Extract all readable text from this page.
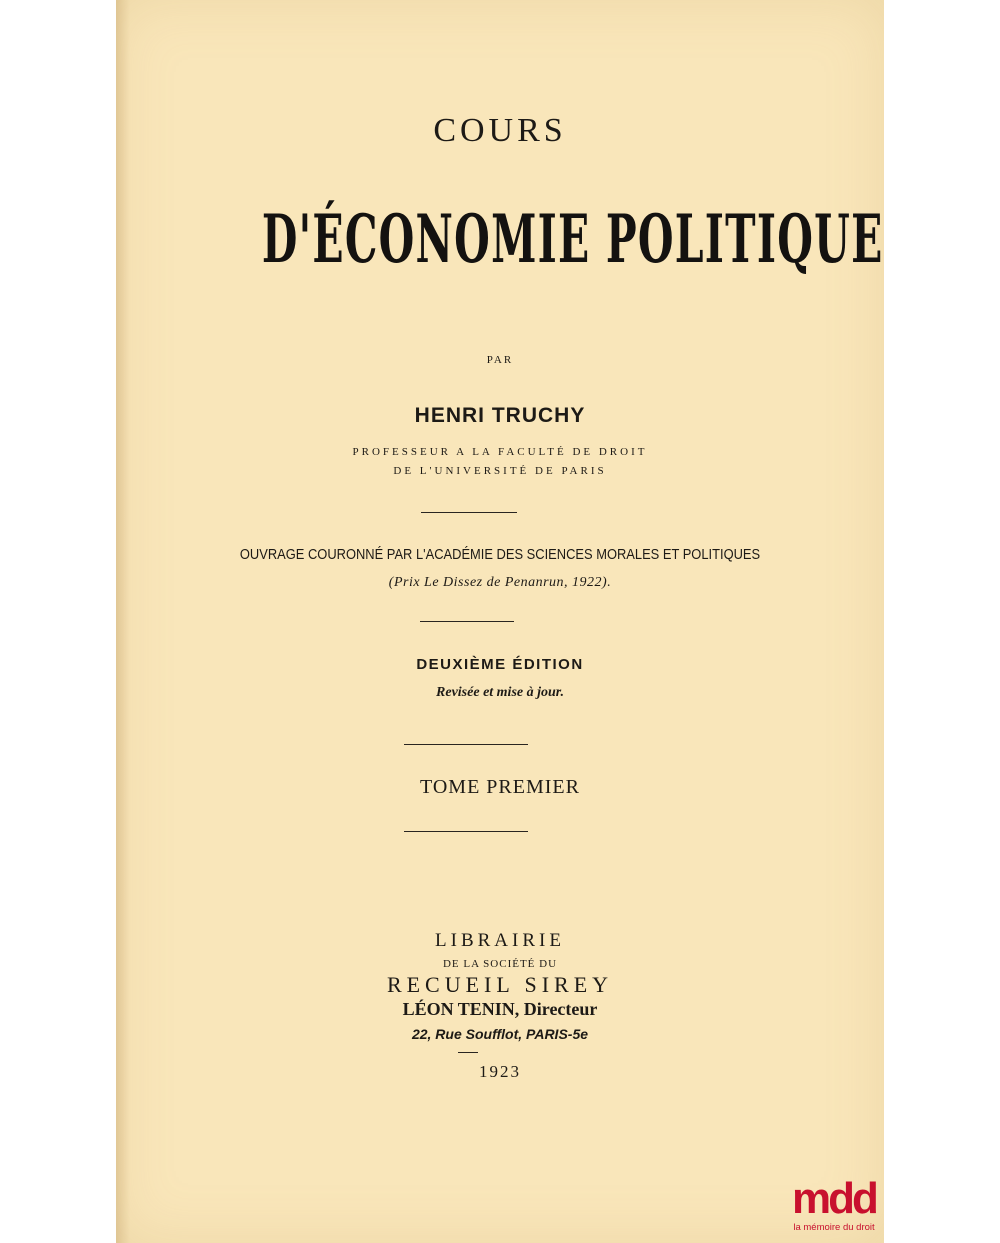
COURS
D'ÉCONOMIE POLITIQUE
PAR
HENRI TRUCHY
PROFESSEUR A LA FACULTÉ DE DROIT
DE L'UNIVERSITÉ DE PARIS
OUVRAGE COURONNÉ PAR L'ACADÉMIE DES SCIENCES MORALES ET POLITIQUES
(Prix Le Dissez de Penanrun, 1922).
DEUXIÈME ÉDITION
Revisée et mise à jour.
TOME PREMIER
LIBRAIRIE
DE LA SOCIÉTÉ DU
RECUEIL SIREY
LÉON TENIN, Directeur
22, Rue Soufflot, PARIS-5e
1923
mdd
la mémoire du droit
